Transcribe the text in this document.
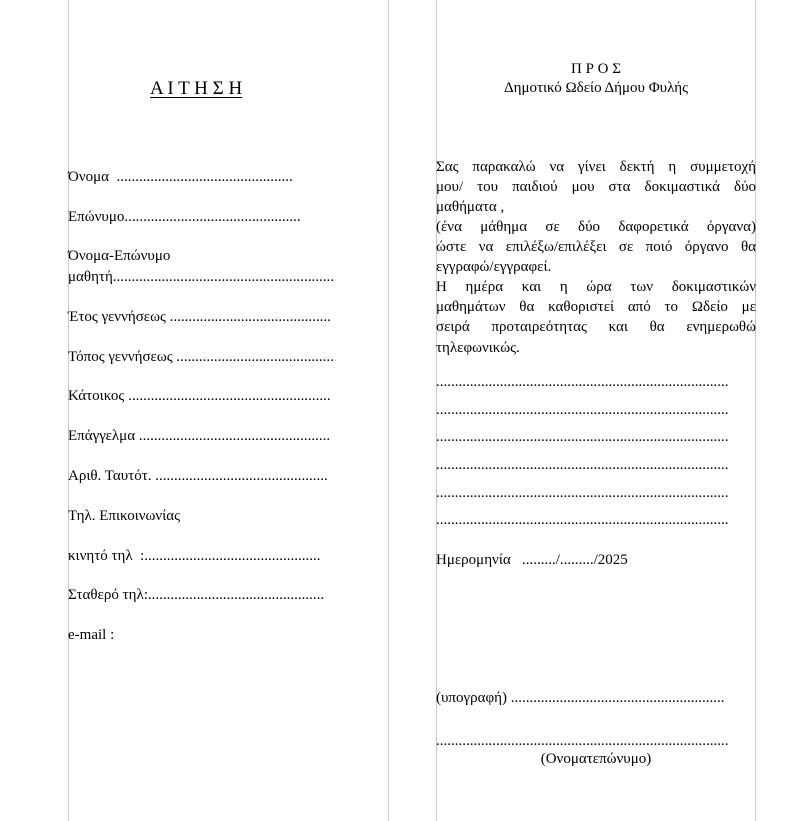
Α Ι Τ Η Σ Η
Όνομα  ...............................................
Επώνυμο...............................................
Όνομα-Επώνυμο
μαθητή...........................................................
Έτος γεννήσεως ...........................................
Τόπος γεννήσεως ..........................................
Κάτοικος ......................................................
Επάγγελμα ...................................................
Αριθ. Ταυτότ. ..............................................
Τηλ. Επικοινωνίας
κινητό τηλ  :...............................................
Σταθερό τηλ:...............................................
e-mail :
Π Ρ Ο Σ
Δημοτικό Ωδείο Δήμου Φυλής
Σας παρακαλώ να γίνει δεκτή η συμμετοχή
μου/ του παιδιού μου στα δοκιμαστικά δύο
μαθήματα ,
(ένα μάθημα σε δύο δαφορετικά όργανα)
ώστε να επιλέξω/επιλέξει σε ποιό όργανο θα
εγγραφώ/εγγραφεί.
Η ημέρα και η ώρα των δοκιμαστικών
μαθημάτων θα καθοριστεί από το Ωδείο με
σειρά προταιρεότητας και θα ενημερωθώ
τηλεφωνικώς.
..............................................................................
..............................................................................
..............................................................................
..............................................................................
..............................................................................
..............................................................................
Ημερομηνία   ........./........./2025
(υπογραφή) .........................................................
..............................................................................
(Ονοματεπώνυμο)
